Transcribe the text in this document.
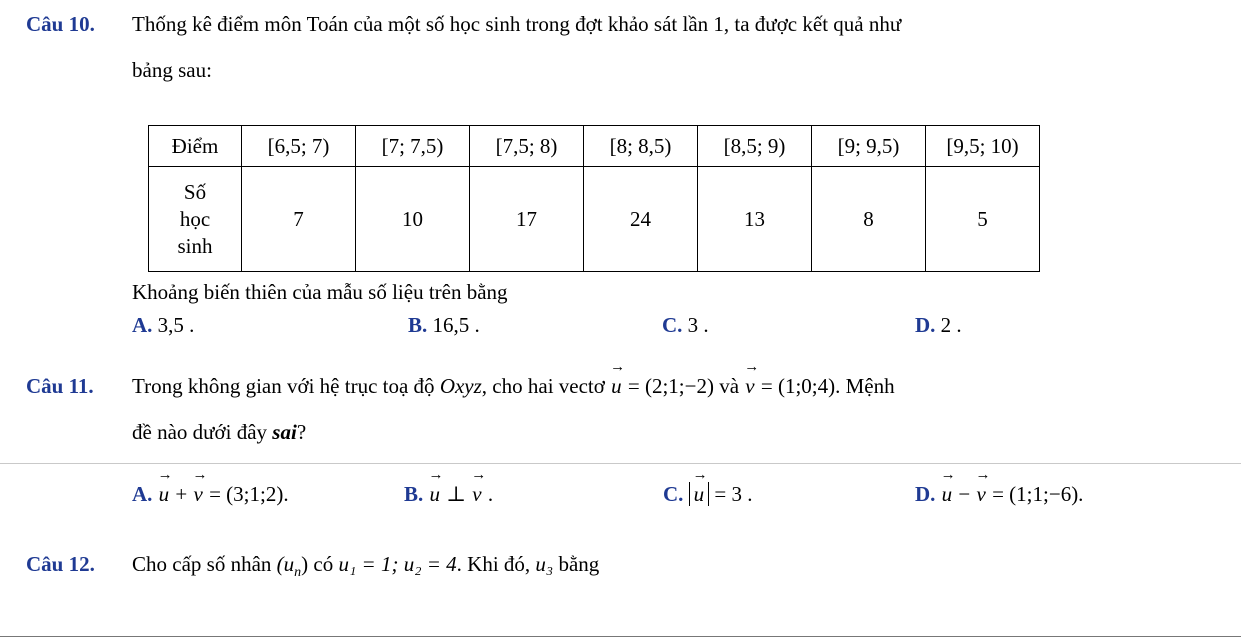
Câu 10. Thống kê điểm môn Toán của một số học sinh trong đợt khảo sát lần 1, ta được kết quả như
bảng sau:
Điểm	[6,5; 7)	[7; 7,5)	[7,5; 8)	[8; 8,5)	[8,5; 9)	[9; 9,5)	[9,5; 10)

Số
học
sinh	7	10	17	24	13	8	5
Khoảng biến thiên của mẫu số liệu trên bằng
A. 3,5 .	B. 16,5 .	C. 3 .	D. 2 .
Câu 11. Trong không gian với hệ trục toạ độ Oxyz, cho hai vectơ → u = (2;1;−2) và → v = (1;0;4). Mệnh
đề nào dưới đây sai?
A. → u + → v = (3;1;2).	B. → u ⊥ → v .	C. → u = 3 .	D. → u − → v = (1;1;−6).
Câu 12. Cho cấp số nhân $(u_n)$ có u₁ = 1; u₂ = 4. Khi đó, u₃ bằng
